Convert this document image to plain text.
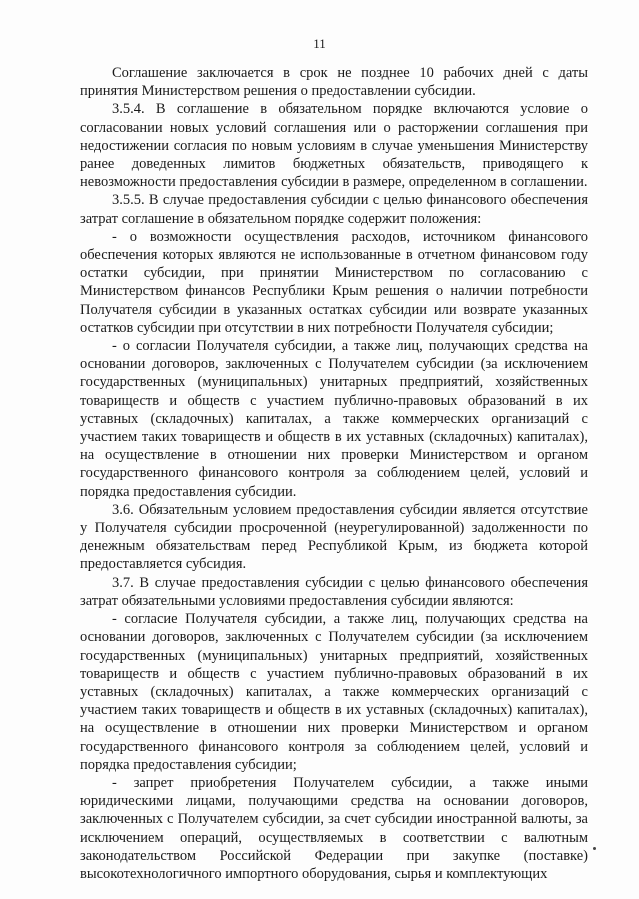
11

Соглашение заключается в срок не позднее 10 рабочих дней с даты принятия Министерством решения о предоставлении субсидии.

3.5.4. В соглашение в обязательном порядке включаются условие о согласовании новых условий соглашения или о расторжении соглашения при недостижении согласия по новым условиям в случае уменьшения Министерству ранее доведенных лимитов бюджетных обязательств, приводящего к невозможности предоставления субсидии в размере, определенном в соглашении.

3.5.5. В случае предоставления субсидии с целью финансового обеспечения затрат соглашение в обязательном порядке содержит положения:

- о возможности осуществления расходов, источником финансового обеспечения которых являются не использованные в отчетном финансовом году остатки субсидии, при принятии Министерством по согласованию с Министерством финансов Республики Крым решения о наличии потребности Получателя субсидии в указанных остатках субсидии или возврате указанных остатков субсидии при отсутствии в них потребности Получателя субсидии;

- о согласии Получателя субсидии, а также лиц, получающих средства на основании договоров, заключенных с Получателем субсидии (за исключением государственных (муниципальных) унитарных предприятий, хозяйственных товариществ и обществ с участием публично-правовых образований в их уставных (складочных) капиталах, а также коммерческих организаций с участием таких товариществ и обществ в их уставных (складочных) капиталах), на осуществление в отношении них проверки Министерством и органом государственного финансового контроля за соблюдением целей, условий и порядка предоставления субсидии.

3.6. Обязательным условием предоставления субсидии является отсутствие у Получателя субсидии просроченной (неурегулированной) задолженности по денежным обязательствам перед Республикой Крым, из бюджета которой предоставляется субсидия.

3.7. В случае предоставления субсидии с целью финансового обеспечения затрат обязательными условиями предоставления субсидии являются:

- согласие Получателя субсидии, а также лиц, получающих средства на основании договоров, заключенных с Получателем субсидии (за исключением государственных (муниципальных) унитарных предприятий, хозяйственных товариществ и обществ с участием публично-правовых образований в их уставных (складочных) капиталах, а также коммерческих организаций с участием таких товариществ и обществ в их уставных (складочных) капиталах), на осуществление в отношении них проверки Министерством и органом государственного финансового контроля за соблюдением целей, условий и порядка предоставления субсидии;

- запрет приобретения Получателем субсидии, а также иными юридическими лицами, получающими средства на основании договоров, заключенных с Получателем субсидии, за счет субсидии иностранной валюты, за исключением операций, осуществляемых в соответствии с валютным законодательством Российской Федерации при закупке (поставке) высокотехнологичного импортного оборудования, сырья и комплектующих
